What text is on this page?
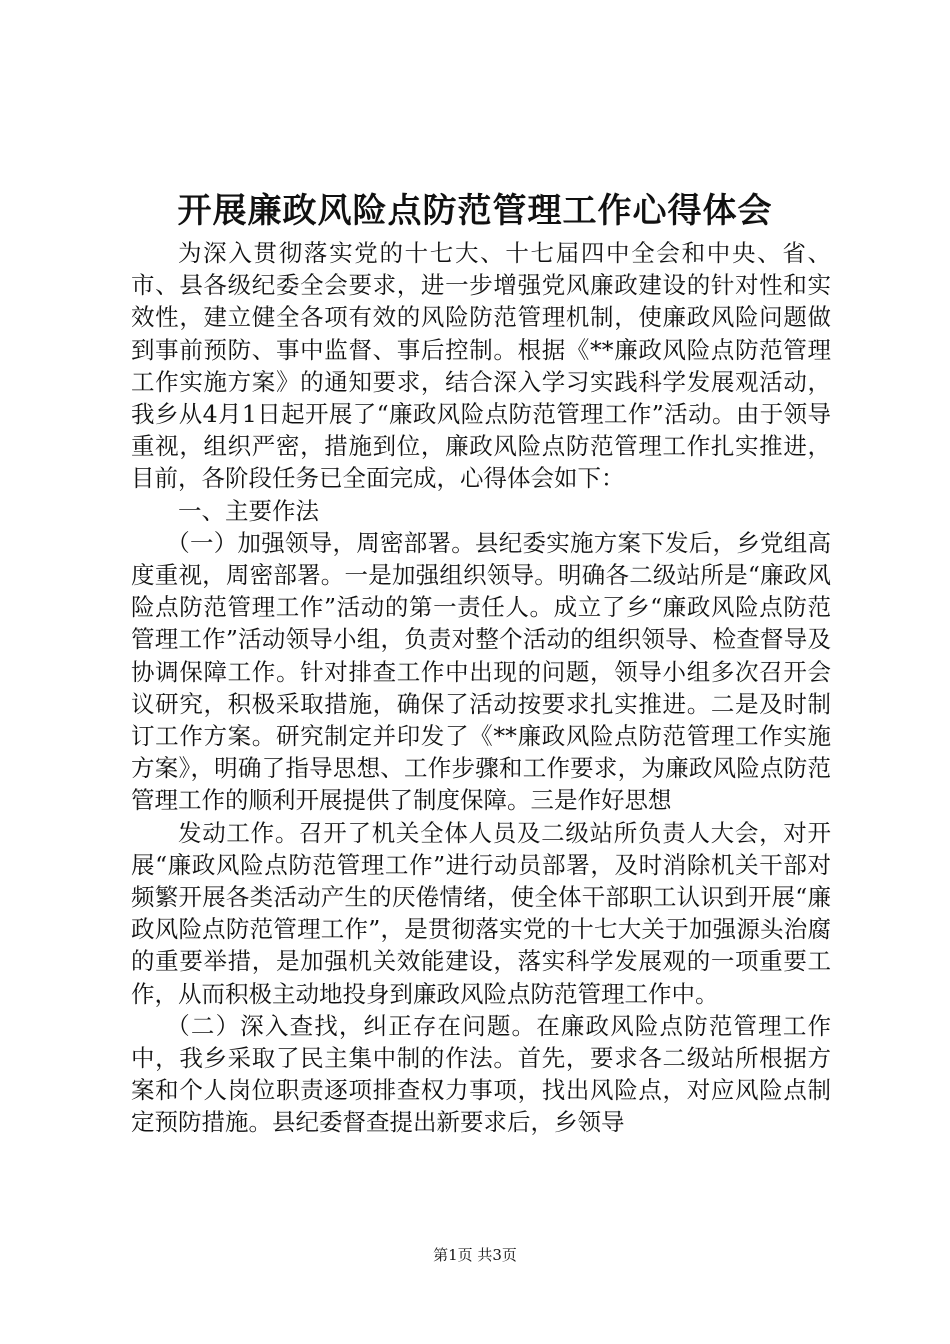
开展廉政风险点防范管理工作心得体会

为深入贯彻落实党的十七大、十七届四中全会和中央、省、市、县各级纪委全会要求，进一步增强党风廉政建设的针对性和实效性，建立健全各项有效的风险防范管理机制，使廉政风险问题做到事前预防、事中监督、事后控制。根据《**廉政风险点防范管理工作实施方案》的通知要求，结合深入学习实践科学发展观活动，我乡从4月1日起开展了“廉政风险点防范管理工作”活动。由于领导重视，组织严密，措施到位，廉政风险点防范管理工作扎实推进，目前，各阶段任务已全面完成，心得体会如下：

一、主要作法

（一）加强领导，周密部署。县纪委实施方案下发后，乡党组高度重视，周密部署。一是加强组织领导。明确各二级站所是“廉政风险点防范管理工作”活动的第一责任人。成立了乡“廉政风险点防范管理工作”活动领导小组，负责对整个活动的组织领导、检查督导及协调保障工作。针对排查工作中出现的问题，领导小组多次召开会议研究，积极采取措施，确保了活动按要求扎实推进。二是及时制订工作方案。研究制定并印发了《**廉政风险点防范管理工作实施方案》，明确了指导思想、工作步骤和工作要求，为廉政风险点防范管理工作的顺利开展提供了制度保障。三是作好思想

发动工作。召开了机关全体人员及二级站所负责人大会，对开展“廉政风险点防范管理工作”进行动员部署，及时消除机关干部对频繁开展各类活动产生的厌倦情绪，使全体干部职工认识到开展“廉政风险点防范管理工作”，是贯彻落实党的十七大关于加强源头治腐的重要举措，是加强机关效能建设，落实科学发展观的一项重要工作，从而积极主动地投身到廉政风险点防范管理工作中。

（二）深入查找，纠正存在问题。在廉政风险点防范管理工作中，我乡采取了民主集中制的作法。首先，要求各二级站所根据方案和个人岗位职责逐项排查权力事项，找出风险点，对应风险点制定预防措施。县纪委督查提出新要求后，乡领导

第1页 共3页
